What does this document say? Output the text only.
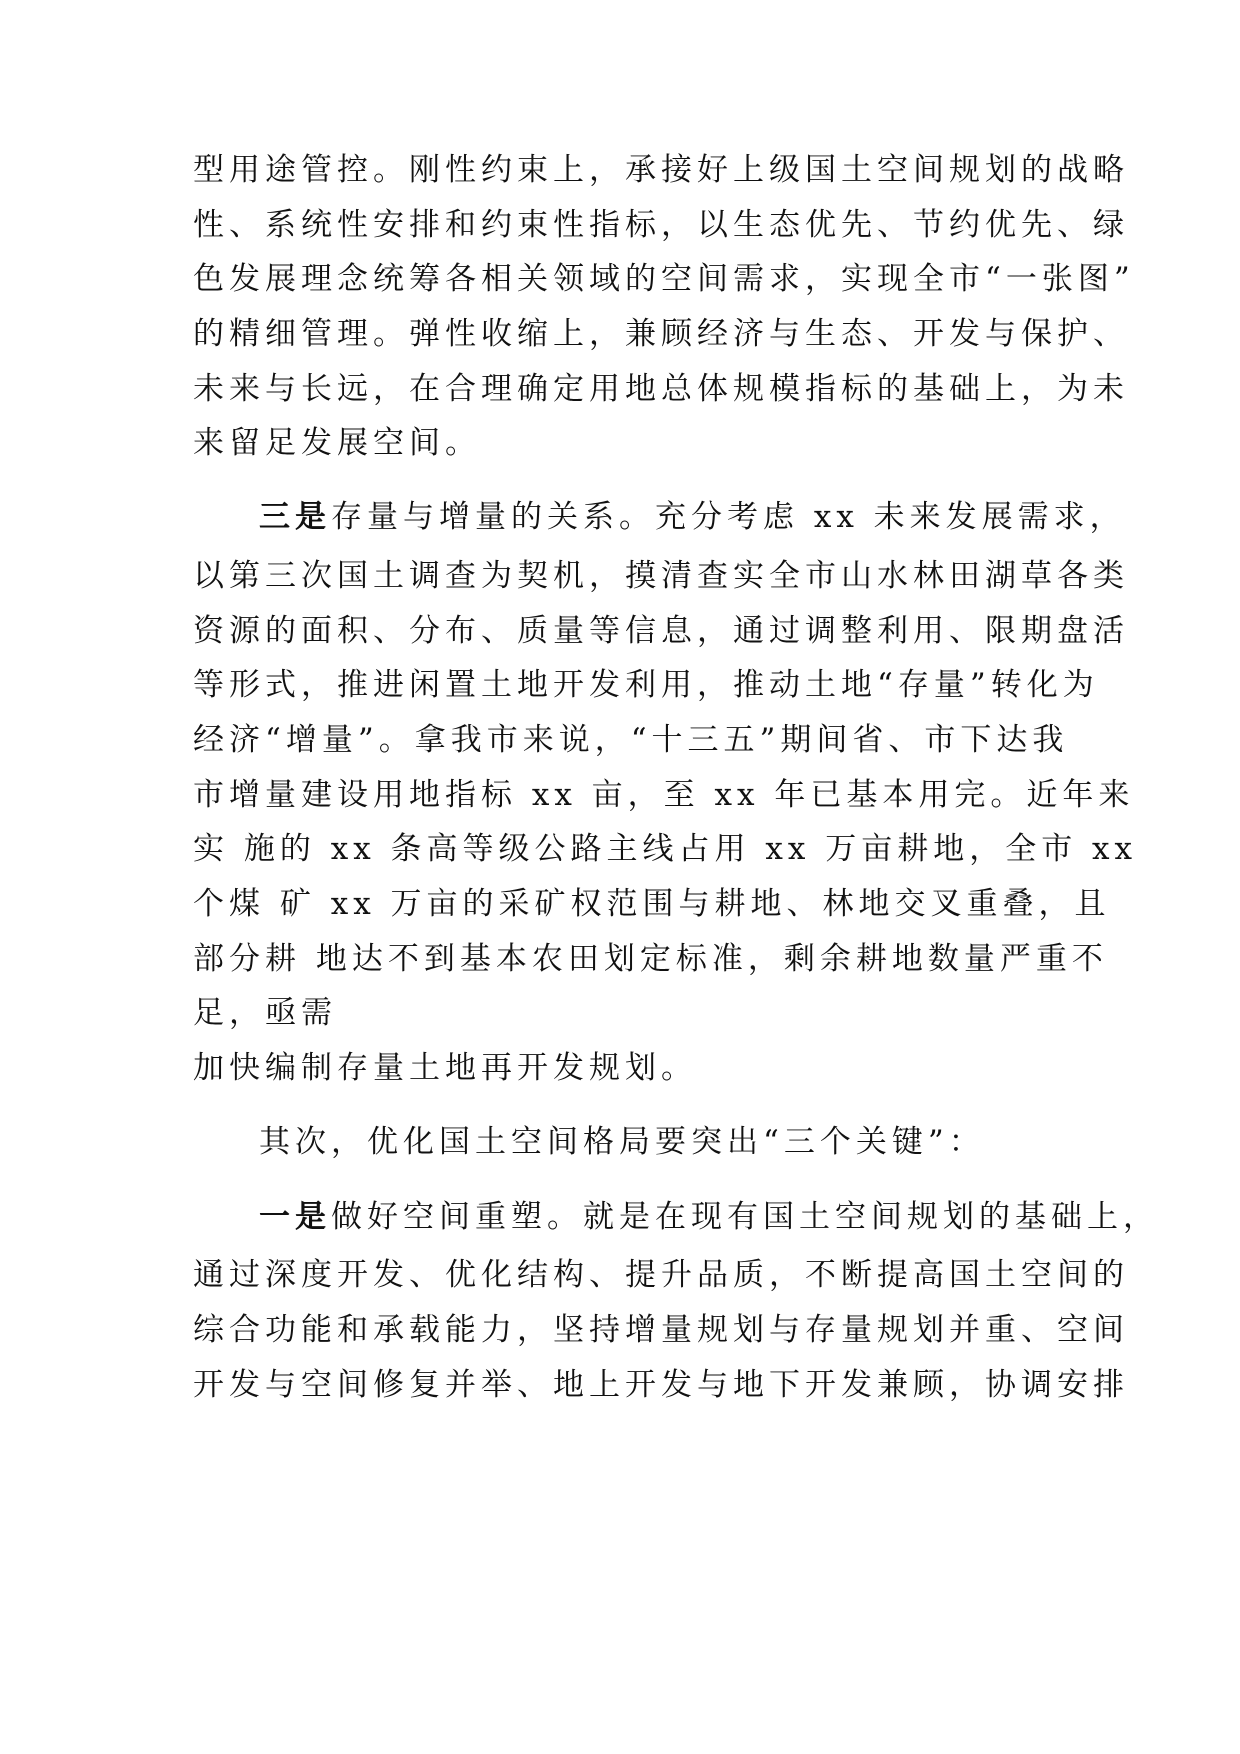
型用途管控。刚性约束上，承接好上级国土空间规划的战略
性、系统性安排和约束性指标，以生态优先、节约优先、绿
色发展理念统筹各相关领域的空间需求，实现全市“一张图”
的精细管理。弹性收缩上，兼顾经济与生态、开发与保护、
未来与长远，在合理确定用地总体规模指标的基础上，为未
来留足发展空间。
三是存量与增量的关系。充分考虑 xx 未来发展需求，
以第三次国土调查为契机，摸清查实全市山水林田湖草各类
资源的面积、分布、质量等信息，通过调整利用、限期盘活
等形式，推进闲置土地开发利用，推动土地“存量”转化为
经济“增量”。拿我市来说，“十三五”期间省、市下达我
市增量建设用地指标 xx 亩，至 xx 年已基本用完。近年来
实 施的 xx 条高等级公路主线占用 xx 万亩耕地，全市 xx
个煤 矿 xx 万亩的采矿权范围与耕地、林地交叉重叠，且
部分耕 地达不到基本农田划定标准，剩余耕地数量严重不
足，亟需
加快编制存量土地再开发规划。
其次，优化国土空间格局要突出“三个关键”：
一是做好空间重塑。就是在现有国土空间规划的基础上，
通过深度开发、优化结构、提升品质，不断提高国土空间的
综合功能和承载能力，坚持增量规划与存量规划并重、空间
开发与空间修复并举、地上开发与地下开发兼顾，协调安排
